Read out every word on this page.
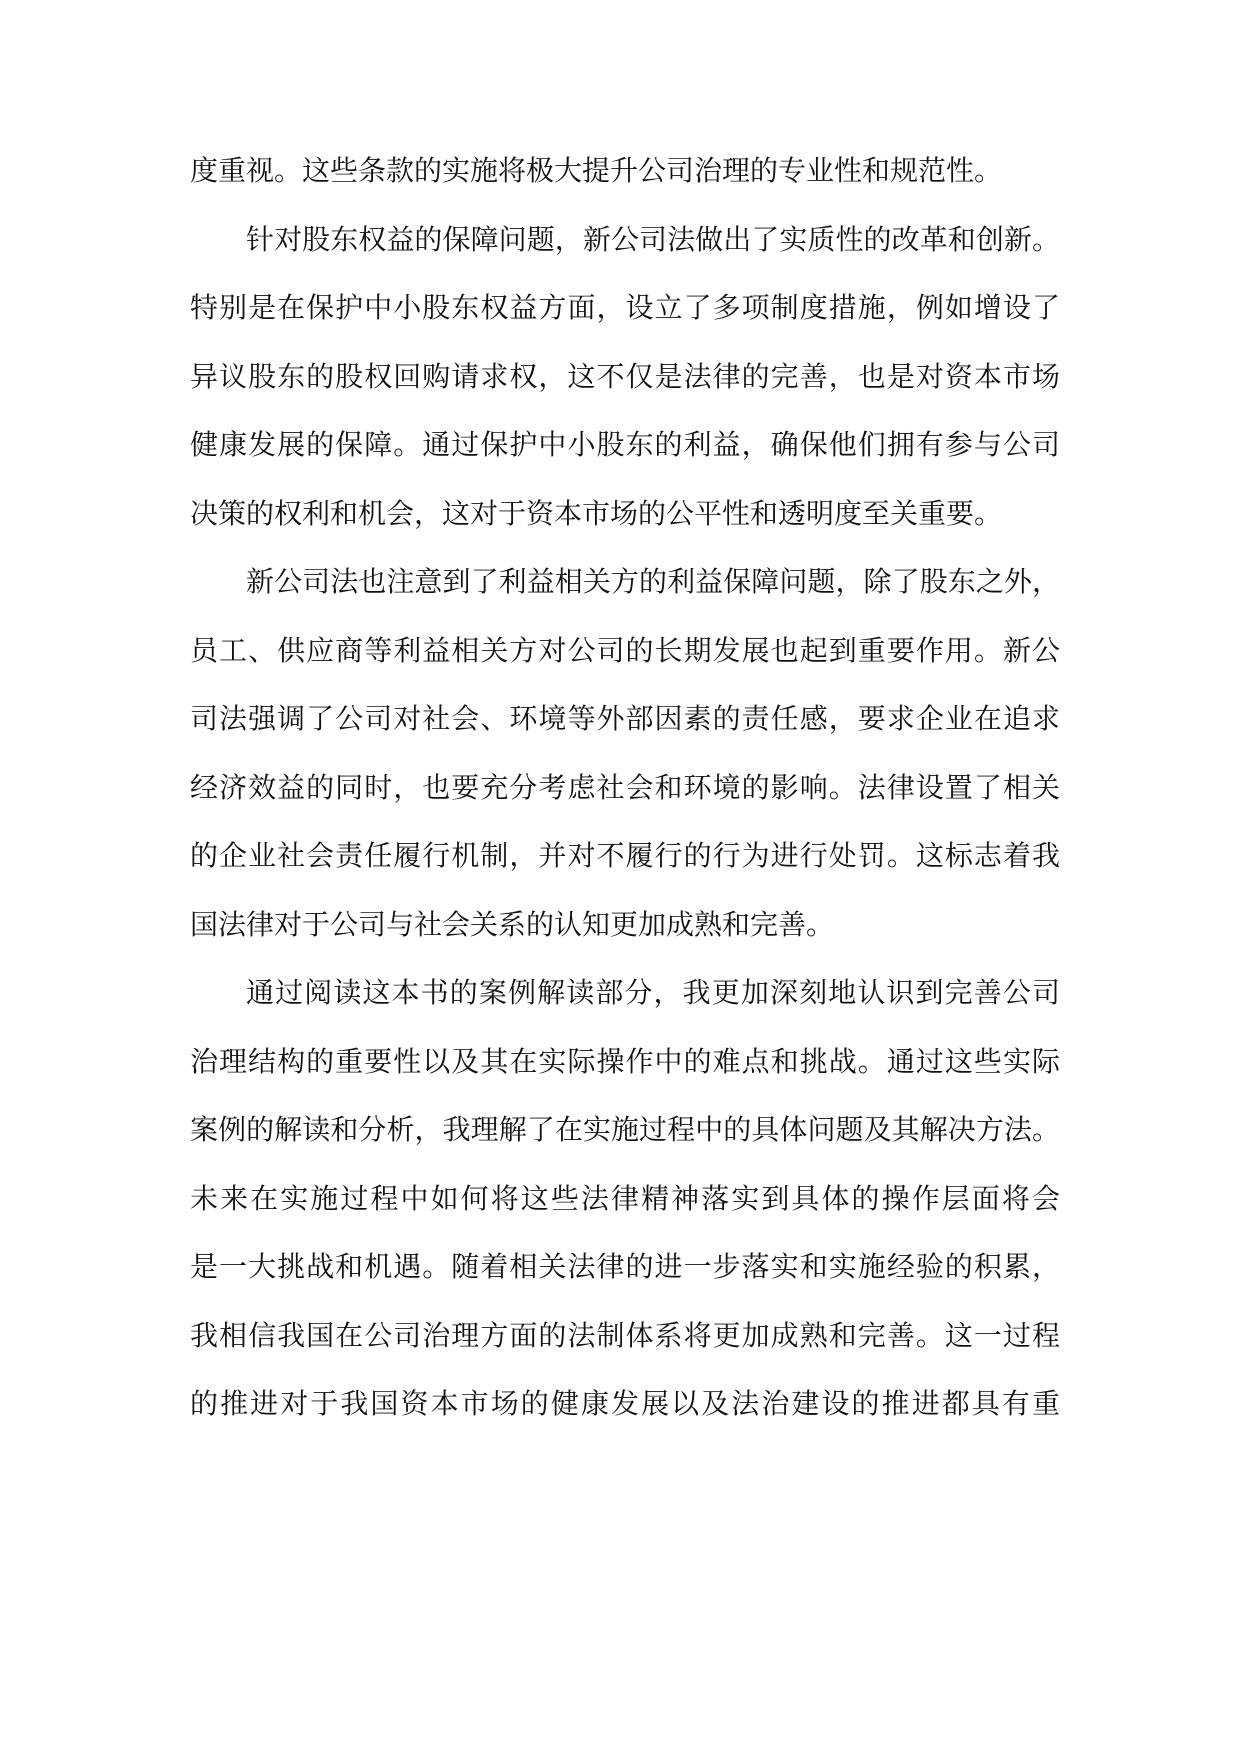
度重视。这些条款的实施将极大提升公司治理的专业性和规范性。
针对股东权益的保障问题，新公司法做出了实质性的改革和创新。
特别是在保护中小股东权益方面，设立了多项制度措施，例如增设了
异议股东的股权回购请求权，这不仅是法律的完善，也是对资本市场
健康发展的保障。通过保护中小股东的利益，确保他们拥有参与公司
决策的权利和机会，这对于资本市场的公平性和透明度至关重要。
新公司法也注意到了利益相关方的利益保障问题，除了股东之外，
员工、供应商等利益相关方对公司的长期发展也起到重要作用。新公
司法强调了公司对社会、环境等外部因素的责任感，要求企业在追求
经济效益的同时，也要充分考虑社会和环境的影响。法律设置了相关
的企业社会责任履行机制，并对不履行的行为进行处罚。这标志着我
国法律对于公司与社会关系的认知更加成熟和完善。
通过阅读这本书的案例解读部分，我更加深刻地认识到完善公司
治理结构的重要性以及其在实际操作中的难点和挑战。通过这些实际
案例的解读和分析，我理解了在实施过程中的具体问题及其解决方法。
未来在实施过程中如何将这些法律精神落实到具体的操作层面将会
是一大挑战和机遇。随着相关法律的进一步落实和实施经验的积累，
我相信我国在公司治理方面的法制体系将更加成熟和完善。这一过程
的推进对于我国资本市场的健康发展以及法治建设的推进都具有重
